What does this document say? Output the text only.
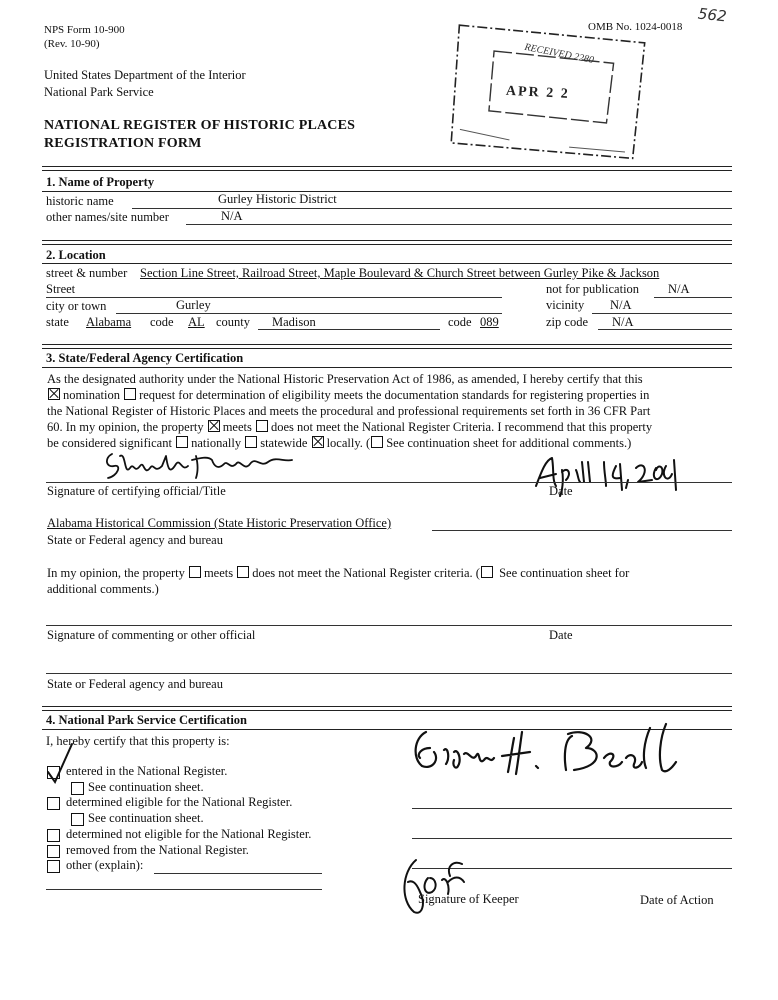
NPS Form 10-900
(Rev. 10-90)
OMB No. 1024-0018
562
United States Department of the Interior
National Park Service
NATIONAL REGISTER OF HISTORIC PLACES
REGISTRATION FORM
RECEIVED 2280
APR 2 2
1. Name of Property
historic name	Gurley Historic District
other names/site number	N/A
2. Location
street & number Section Line Street, Railroad Street, Maple Boulevard & Church Street between Gurley Pike & Jackson
Street	not for publication N/A
city or town	Gurley	vicinity N/A
state Alabama code AL county Madison	code 089	zip code N/A
3. State/Federal Agency Certification
As the designated authority under the National Historic Preservation Act of 1986, as amended, I hereby certify that this
nomination request for determination of eligibility meets the documentation standards for registering properties in
the National Register of Historic Places and meets the procedural and professional requirements set forth in 36 CFR Part
60. In my opinion, the property meets does not meet the National Register Criteria. I recommend that this property
be considered significant nationally statewide locally. ( See continuation sheet for additional comments.)
Signature of certifying official/Title	Date
Alabama Historical Commission (State Historic Preservation Office)
State or Federal agency and bureau
In my opinion, the property meets does not meet the National Register criteria. ( See continuation sheet for
additional comments.)
Signature of commenting or other official	Date
State or Federal agency and bureau
4. National Park Service Certification
I, hereby certify that this property is:
entered in the National Register.
See continuation sheet.
determined eligible for the National Register.
See continuation sheet.
determined not eligible for the National Register.
removed from the National Register.
other (explain):
Signature of Keeper	Date of Action
